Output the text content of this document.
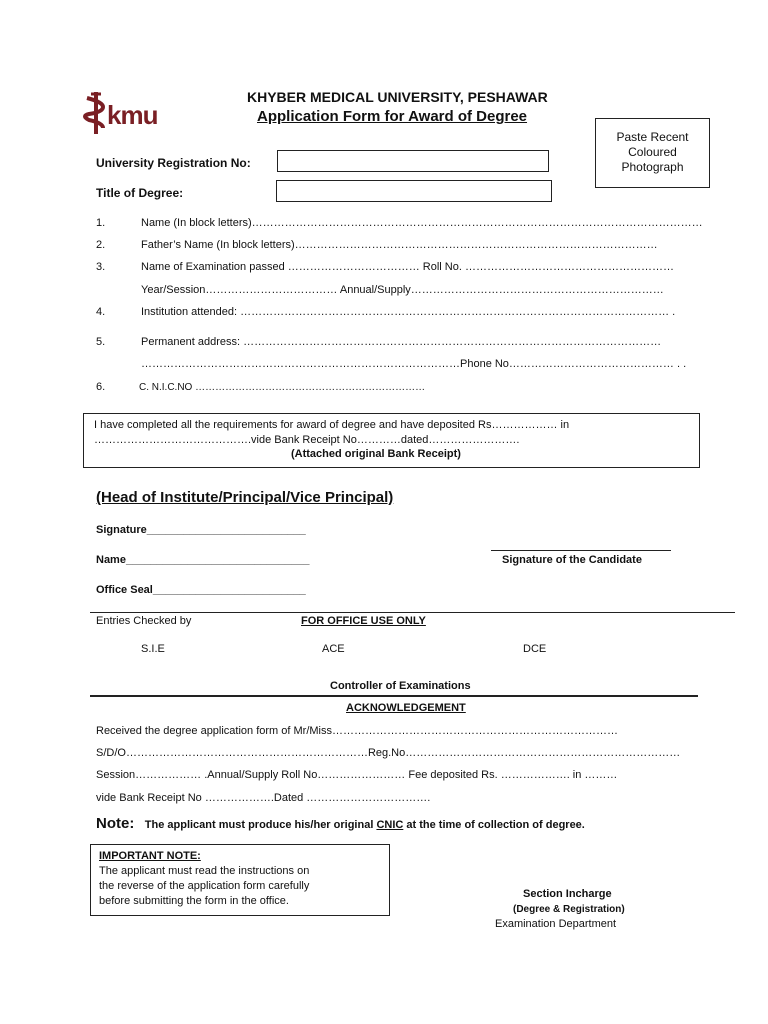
kmu
KHYBER MEDICAL UNIVERSITY, PESHAWAR
Application Form for Award of Degree
Paste Recent
Coloured
Photograph
University Registration No:
Title of Degree:
1.	Name (In block letters)……………………………………………………………………………………………………………
2.	Father’s Name (In block letters)………………………………………………………………………………………
3.	Name of Examination passed ……………………………… Roll No. …………………………………………………
Year/Session……………………………… Annual/Supply……………………………………………………………
4.	Institution attended: ……………………………………………………………………………………………………… .
5.	Permanent address: ……………………………………………………………………………………………………
……………………………………………………………………………Phone No……………………………………… . .
6.	C. N.I.C.NO ……………………………………………………………
I have completed all the requirements for award of degree and have deposited Rs……………… in
…………………………………….vide Bank Receipt No…………dated…………………….
(Attached original Bank Receipt)
(Head of Institute/Principal/Vice Principal)
Signature__________________________
Name______________________________
Office Seal_________________________
Signature of the Candidate
Entries Checked by	FOR OFFICE USE ONLY
S.I.E	ACE	DCE
Controller of Examinations
ACKNOWLEDGEMENT
Received the degree application form of Mr/Miss……………………………………………………………………
S/D/O…………………………………………………………Reg.No…………………………………………………………………
Session……………… .Annual/Supply Roll No…………………… Fee deposited Rs. ………………. in ………
vide Bank Receipt No ……………….Dated …………………………….
Note: The applicant must produce his/her original CNIC at the time of collection of degree.
IMPORTANT NOTE:
The applicant must read the instructions on
the reverse of the application form carefully
before submitting the form in the office.
Section Incharge
(Degree & Registration)
Examination Department
